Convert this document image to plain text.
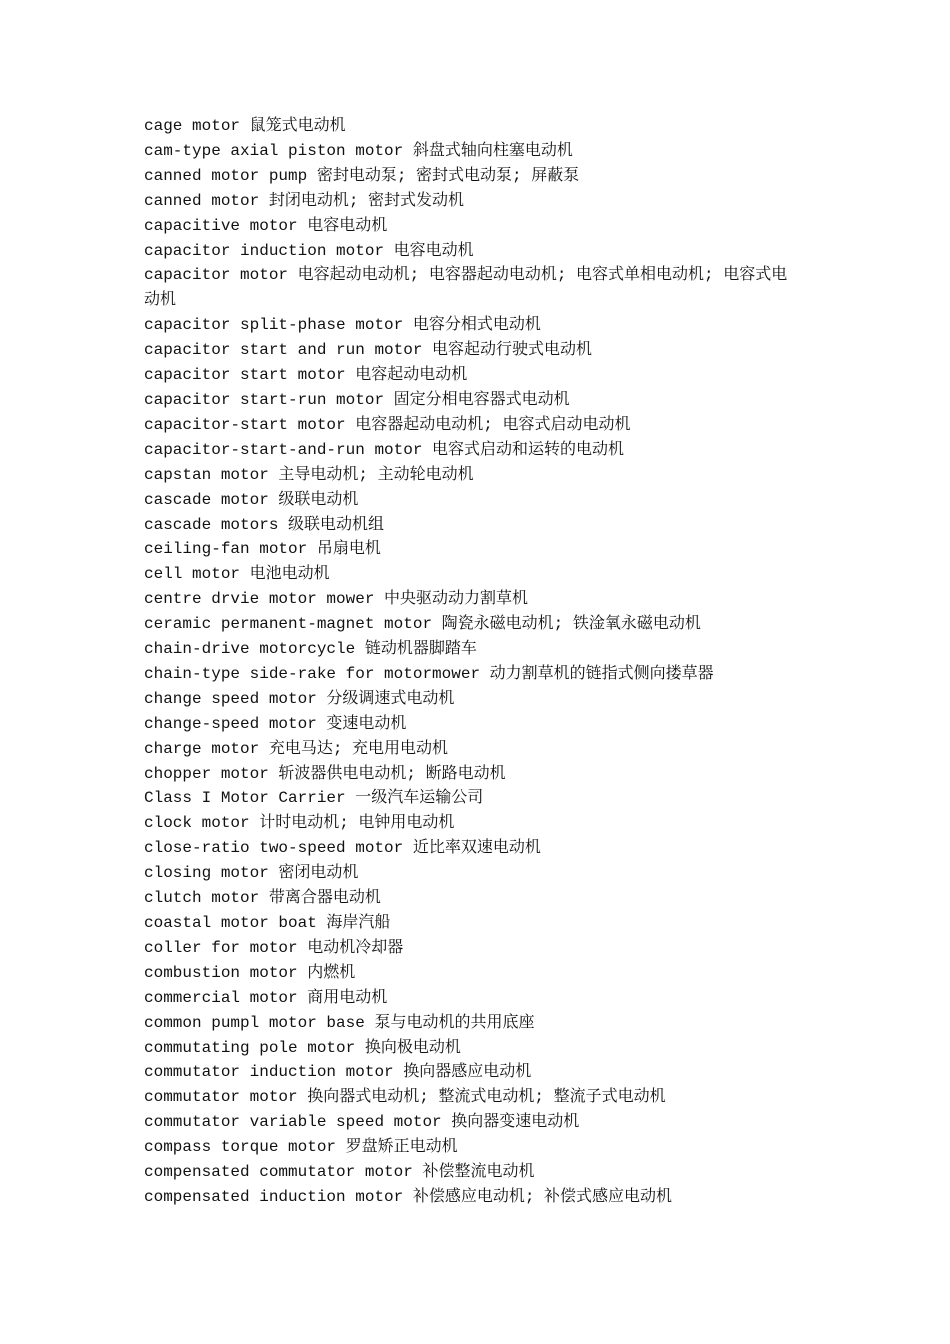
cage motor 鼠笼式电动机

cam-type axial piston motor 斜盘式轴向柱塞电动机

canned motor pump 密封电动泵; 密封式电动泵; 屏蔽泵

canned motor 封闭电动机; 密封式发动机

capacitive motor 电容电动机

capacitor induction motor 电容电动机

capacitor motor 电容起动电动机; 电容器起动电动机; 电容式单相电动机; 电容式电动机

capacitor split-phase motor 电容分相式电动机

capacitor start and run motor 电容起动行驶式电动机

capacitor start motor 电容起动电动机

capacitor start-run motor 固定分相电容器式电动机

capacitor-start motor 电容器起动电动机; 电容式启动电动机

capacitor-start-and-run motor 电容式启动和运转的电动机

capstan motor 主导电动机; 主动轮电动机

cascade motor 级联电动机

cascade motors 级联电动机组

ceiling-fan motor 吊扇电机

cell motor 电池电动机

centre drvie motor mower 中央驱动动力割草机

ceramic permanent-magnet motor 陶瓷永磁电动机; 铁淦氧永磁电动机

chain-drive motorcycle 链动机器脚踏车

chain-type side-rake for motormower 动力割草机的链指式侧向搂草器

change speed motor 分级调速式电动机

change-speed motor 变速电动机

charge motor 充电马达; 充电用电动机

chopper motor 斩波器供电电动机; 断路电动机

Class I Motor Carrier 一级汽车运输公司

clock motor 计时电动机; 电钟用电动机

close-ratio two-speed motor 近比率双速电动机

closing motor 密闭电动机

clutch motor 带离合器电动机

coastal motor boat 海岸汽船

coller for motor 电动机冷却器

combustion motor 内燃机

commercial motor 商用电动机

common pumpl motor base 泵与电动机的共用底座

commutating pole motor 换向极电动机

commutator induction motor 换向器感应电动机

commutator motor 换向器式电动机; 整流式电动机; 整流子式电动机

commutator variable speed motor 换向器变速电动机

compass torque motor 罗盘矫正电动机

compensated commutator motor 补偿整流电动机

compensated induction motor 补偿感应电动机; 补偿式感应电动机
